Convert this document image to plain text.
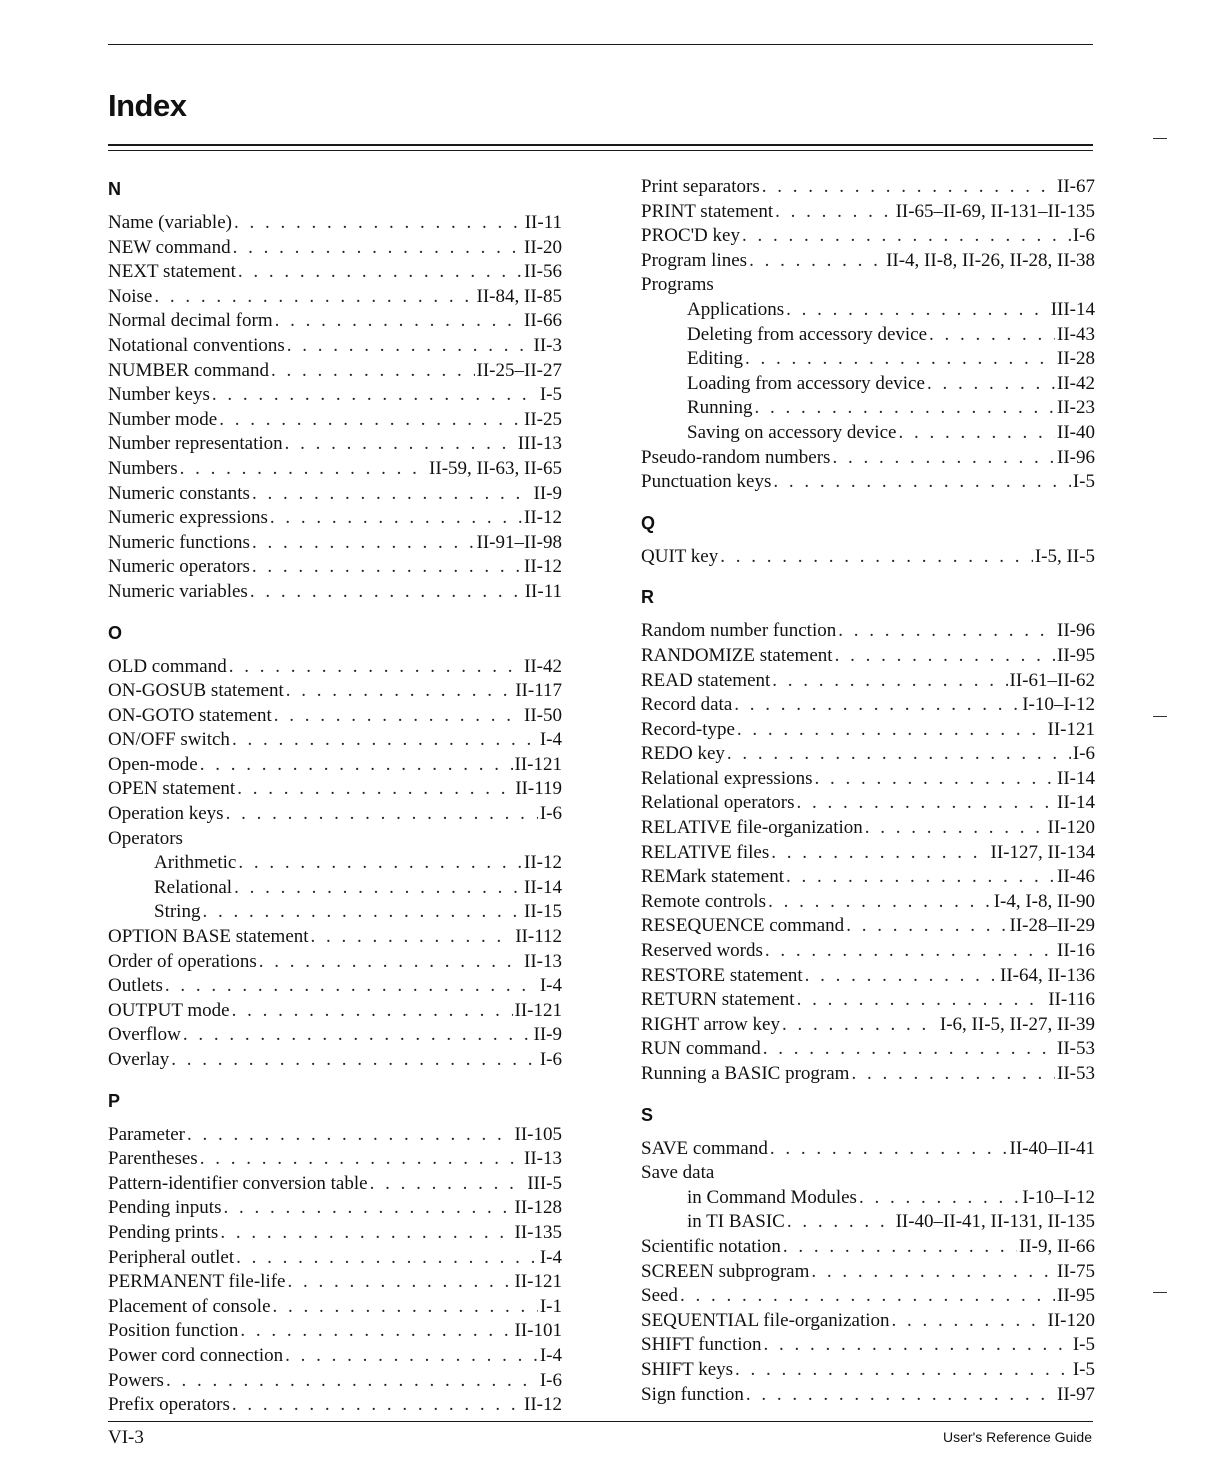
Index
N
Name (variable) . . .	II-11
NEW command . . .	II-20
NEXT statement . . .	II-56
Noise . . .	II-84, II-85
Normal decimal form . . .	II-66
Notational conventions . . .	II-3
NUMBER command . . .	II-25–II-27
Number keys . . .	I-5
Number mode . . .	II-25
Number representation . . .	III-13
Numbers . . .	II-59, II-63, II-65
Numeric constants . . .	II-9
Numeric expressions . . .	II-12
Numeric functions . . .	II-91–II-98
Numeric operators . . .	II-12
Numeric variables . . .	II-11
O
OLD command . . .	II-42
ON-GOSUB statement . . .	II-117
ON-GOTO statement . . .	II-50
ON/OFF switch . . .	I-4
Open-mode . . .	II-121
OPEN statement . . .	II-119
Operation keys . . .	I-6
Operators
Arithmetic . . .	II-12
Relational . . .	II-14
String . . .	II-15
OPTION BASE statement . . .	II-112
Order of operations . . .	II-13
Outlets . . .	I-4
OUTPUT mode . . .	II-121
Overflow . . .	II-9
Overlay . . .	I-6
P
Parameter . . .	II-105
Parentheses . . .	II-13
Pattern-identifier conversion table . . .	III-5
Pending inputs . . .	II-128
Pending prints . . .	II-135
Peripheral outlet . . .	I-4
PERMANENT file-life . . .	II-121
Placement of console . . .	I-1
Position function . . .	II-101
Power cord connection . . .	I-4
Powers . . .	I-6
Prefix operators . . .	II-12
Print separators . . .	II-67
PRINT statement . . .	II-65–II-69, II-131–II-135
PROC'D key . . .	I-6
Program lines . . .	II-4, II-8, II-26, II-28, II-38
Programs
Applications . . .	III-14
Deleting from accessory device . . .	II-43
Editing . . .	II-28
Loading from accessory device . . .	II-42
Running . . .	II-23
Saving on accessory device . . .	II-40
Pseudo-random numbers . . .	II-96
Punctuation keys . . .	I-5
Q
QUIT key . . .	I-5, II-5
R
Random number function . . .	II-96
RANDOMIZE statement . . .	II-95
READ statement . . .	II-61–II-62
Record data . . .	I-10–I-12
Record-type . . .	II-121
REDO key . . .	I-6
Relational expressions . . .	II-14
Relational operators . . .	II-14
RELATIVE file-organization . . .	II-120
RELATIVE files . . .	II-127, II-134
REMark statement . . .	II-46
Remote controls . . .	I-4, I-8, II-90
RESEQUENCE command . . .	II-28–II-29
Reserved words . . .	II-16
RESTORE statement . . .	II-64, II-136
RETURN statement . . .	II-116
RIGHT arrow key . . .	I-6, II-5, II-27, II-39
RUN command . . .	II-53
Running a BASIC program . . .	II-53
S
SAVE command . . .	II-40–II-41
Save data
in Command Modules . . .	I-10–I-12
in TI BASIC . . .	II-40–II-41, II-131, II-135
Scientific notation . . .	II-9, II-66
SCREEN subprogram . . .	II-75
Seed . . .	II-95
SEQUENTIAL file-organization . . .	II-120
SHIFT function . . .	I-5
SHIFT keys . . .	I-5
Sign function . . .	II-97
VI-3	User's Reference Guide
